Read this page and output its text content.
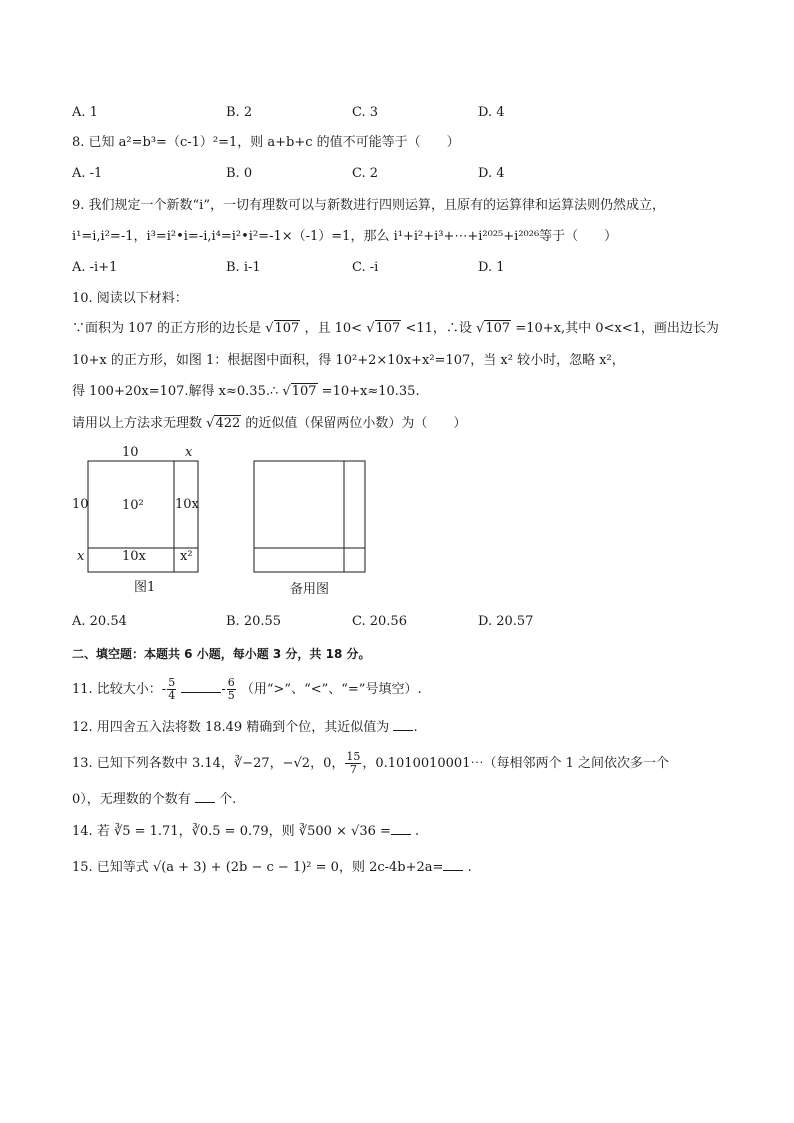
A. 1	B. 2	C. 3	D. 4
8. 已知 a²=b³=（c-1）²=1，则 a+b+c 的值不可能等于（　　）
A. -1	B. 0	C. 2	D. 4
9. 我们规定一个新数“i”，一切有理数可以与新数进行四则运算，且原有的运算律和运算法则仍然成立，
i¹=i,i²=-1，i³=i²•i=-i,i⁴=i²•i²=-1×（-1）=1，那么 i¹+i²+i³+⋯+i²⁰²⁵+i²⁰²⁶等于（　　）
A. -i+1	B. i-1	C. -i	D. 1
10. 阅读以下材料：
∵面积为 107 的正方形的边长是 √107 ，且 10< √107 <11，∴设 √107 =10+x,其中 0<x<1，画出边长为
10+x 的正方形，如图 1：根据图中面积，得 10²+2×10x+x²=107，当 x² 较小时，忽略 x²，
得 100+20x=107.解得 x≈0.35.∴ √107 =10+x≈10.35.
请用以上方法求无理数 √422 的近似值（保留两位小数）为（　　）
10	x
10
x
10² 10x
10x	x²
图1	备用图
A. 20.54	B. 20.55	C. 20.56	D. 20.57
二、填空题：本题共 6 小题，每小题 3 分，共 18 分。
11. 比较大小：- $\frac{5}{4}$	- $\frac{6}{5}$ （用“>”、“<”、“=”号填空）.
12. 用四舍五入法将数 18.49 精确到个位，其近似值为 .
13. 已知下列各数中 3.14，∛−27，−√2，0， $\frac{15}{7}$ ，0.1010010001⋯（每相邻两个 1 之间依次多一个
0），无理数的个数有 个.
14. 若 ∛5 = 1.71，∛0.5 = 0.79，则 ∛500 × √36 = .
15. 已知等式 √(a + 3) + (2b − c − 1)² = 0，则 2c-4b+2a= .
